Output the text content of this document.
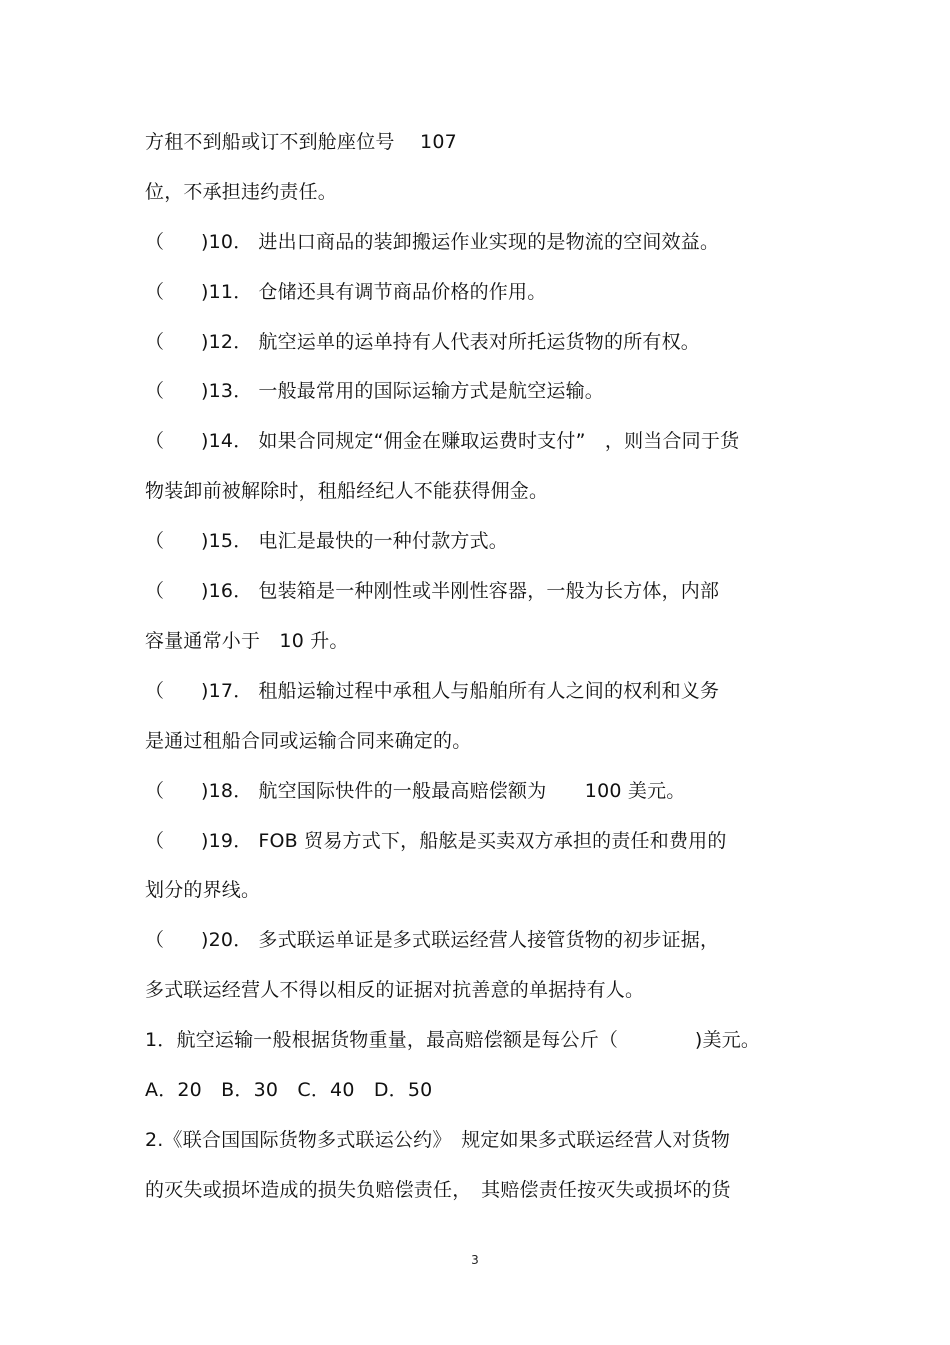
方租不到船或订不到舱座位号　 107
位，不承担违约责任。
（ )10． 进出口商品的装卸搬运作业实现的是物流的空间效益。
（ )11． 仓储还具有调节商品价格的作用。
（ )12． 航空运单的运单持有人代表对所托运货物的所有权。
（ )13． 一般最常用的国际运输方式是航空运输。
（ )14． 如果合同规定“佣金在赚取运费时支付”　，则当合同于货
物装卸前被解除时，租船经纪人不能获得佣金。
（ )15． 电汇是最快的一种付款方式。
（ )16． 包装箱是一种刚性或半刚性容器，一般为长方体，内部
容量通常小于　10 升。
（ )17． 租船运输过程中承租人与船舶所有人之间的权利和义务
是通过租船合同或运输合同来确定的。
（ )18． 航空国际快件的一般最高赔偿额为　　100 美元。
（ )19． FOB 贸易方式下，船舷是买卖双方承担的责任和费用的
划分的界线。
（ )20． 多式联运单证是多式联运经营人接管货物的初步证据，
多式联运经营人不得以相反的证据对抗善意的单据持有人。
1．航空运输一般根据货物重量，最高赔偿额是每公斤（　　　　)美元。
A．20　B．30　C．40　D．50
2.《联合国国际货物多式联运公约》　规定如果多式联运经营人对货物
的灭失或损坏造成的损失负赔偿责任，　其赔偿责任按灭失或损坏的货
3
